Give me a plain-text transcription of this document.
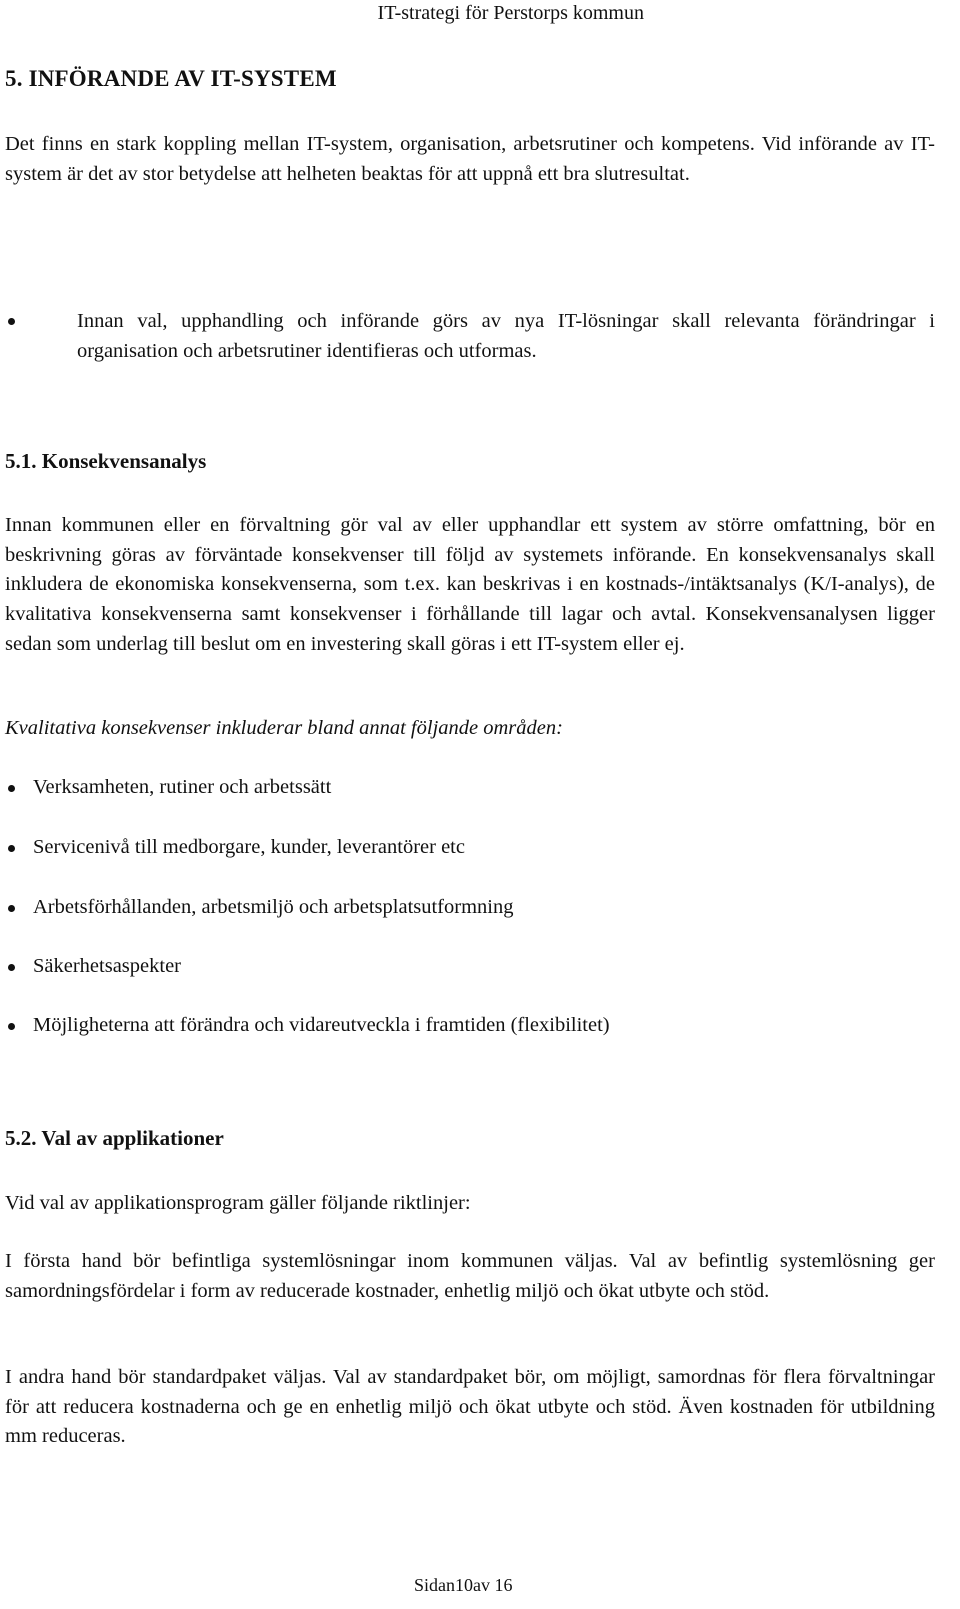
IT-strategi för Perstorps kommun
5. INFÖRANDE AV IT-SYSTEM

Det finns en stark koppling mellan IT-system, organisation, arbetsrutiner och kompetens. Vid införande av IT-system är det av stor betydelse att helheten beaktas för att uppnå ett bra slutresultat.

Innan val, upphandling och införande görs av nya IT-lösningar skall relevanta förändringar i organisation och arbetsrutiner identifieras och utformas.
5.1. Konsekvensanalys

Innan kommunen eller en förvaltning gör val av eller upphandlar ett system av större omfattning, bör en beskrivning göras av förväntade konsekvenser till följd av systemets införande. En konsekvensanalys skall inkludera de ekonomiska konsekvenserna, som t.ex. kan beskrivas i en kostnads-/intäktsanalys (K/I-analys), de kvalitativa konsekvenserna samt konsekvenser i förhållande till lagar och avtal. Konsekvensanalysen ligger sedan som underlag till beslut om en investering skall göras i ett IT-system eller ej.

Kvalitativa konsekvenser inkluderar bland annat följande områden:

Verksamheten, rutiner och arbetssätt
Servicenivå till medborgare, kunder, leverantörer etc
Arbetsförhållanden, arbetsmiljö och arbetsplatsutformning
Säkerhetsaspekter
Möjligheterna att förändra och vidareutveckla i framtiden (flexibilitet)
5.2. Val av applikationer

Vid val av applikationsprogram gäller följande riktlinjer:

I första hand bör befintliga systemlösningar inom kommunen väljas. Val av befintlig systemlösning ger samordningsfördelar i form av reducerade kostnader, enhetlig miljö och ökat utbyte och stöd.

I andra hand bör standardpaket väljas. Val av standardpaket bör, om möjligt, samordnas för flera förvaltningar för att reducera kostnaderna och ge en enhetlig miljö och ökat utbyte och stöd. Även kostnaden för utbildning mm reduceras.

Sidan10av 16
